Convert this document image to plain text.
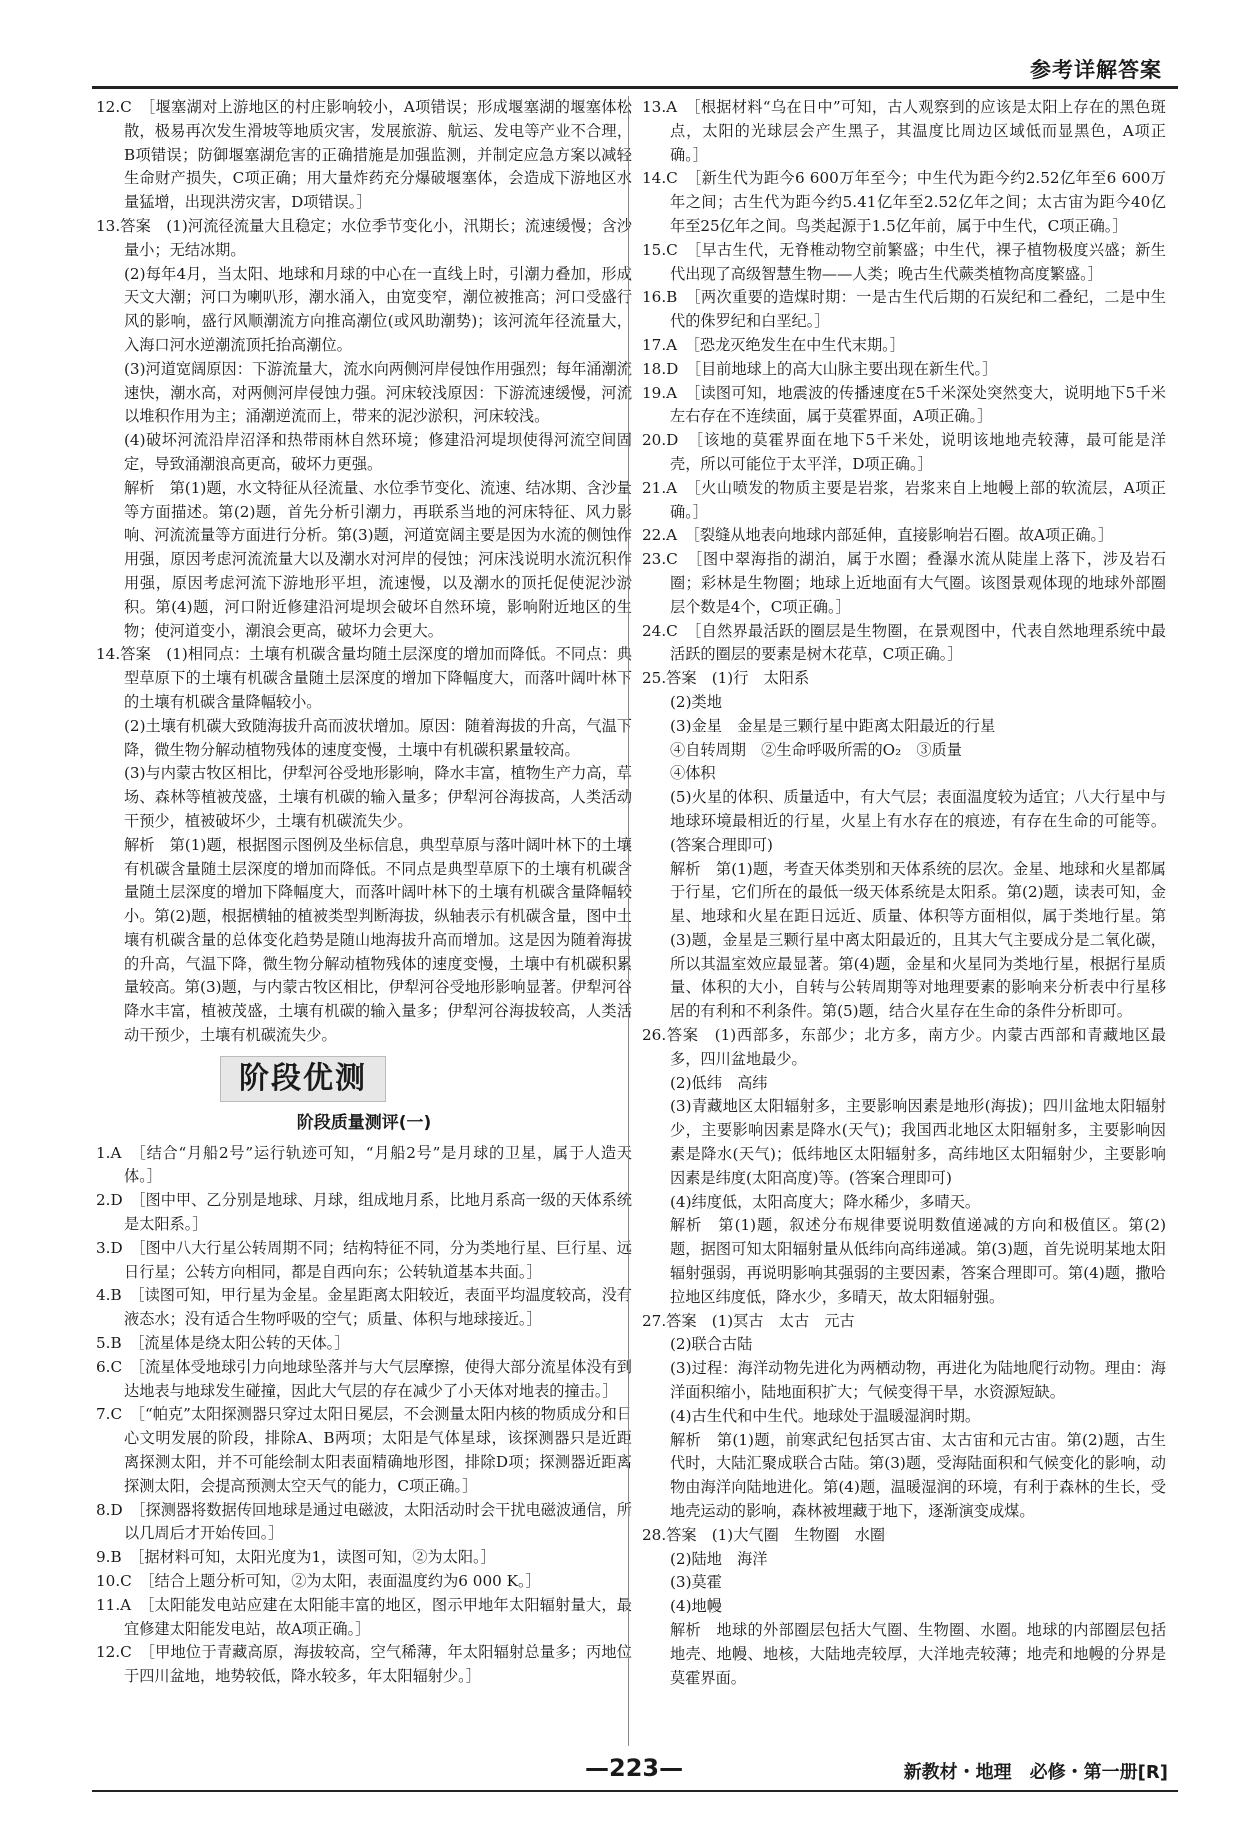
参考详解答案

12.C　［堰塞湖对上游地区的村庄影响较小，A项错误；形成堰塞湖的堰塞体松散，极易再次发生滑坡等地质灾害，发展旅游、航运、发电等产业不合理，B项错误；防御堰塞湖危害的正确措施是加强监测，并制定应急方案以减轻生命财产损失，C项正确；用大量炸药充分爆破堰塞体，会造成下游地区水量猛增，出现洪涝灾害，D项错误。］

13.答案　(1)河流径流量大且稳定；水位季节变化小，汛期长；流速缓慢；含沙量小；无结冰期。

(2)每年4月，当太阳、地球和月球的中心在一直线上时，引潮力叠加，形成天文大潮；河口为喇叭形，潮水涌入，由宽变窄，潮位被推高；河口受盛行风的影响，盛行风顺潮流方向推高潮位(或风助潮势)；该河流年径流量大，入海口河水逆潮流顶托抬高潮位。

(3)河道宽阔原因：下游流量大，流水向两侧河岸侵蚀作用强烈；每年涌潮流速快，潮水高，对两侧河岸侵蚀力强。河床较浅原因：下游流速缓慢，河流以堆积作用为主；涌潮逆流而上，带来的泥沙淤积，河床较浅。

(4)破坏河流沿岸沼泽和热带雨林自然环境；修建沿河堤坝使得河流空间固定，导致涌潮浪高更高，破坏力更强。

解析　第(1)题，水文特征从径流量、水位季节变化、流速、结冰期、含沙量等方面描述。第(2)题，首先分析引潮力，再联系当地的河床特征、风力影响、河流流量等方面进行分析。第(3)题，河道宽阔主要是因为水流的侧蚀作用强，原因考虑河流流量大以及潮水对河岸的侵蚀；河床浅说明水流沉积作用强，原因考虑河流下游地形平坦，流速慢，以及潮水的顶托促使泥沙淤积。第(4)题，河口附近修建沿河堤坝会破坏自然环境，影响附近地区的生物；使河道变小，潮浪会更高，破坏力会更大。

14.答案　(1)相同点：土壤有机碳含量均随土层深度的增加而降低。不同点：典型草原下的土壤有机碳含量随土层深度的增加下降幅度大，而落叶阔叶林下的土壤有机碳含量降幅较小。

(2)土壤有机碳大致随海拔升高而波状增加。原因：随着海拔的升高，气温下降，微生物分解动植物残体的速度变慢，土壤中有机碳积累量较高。

(3)与内蒙古牧区相比，伊犁河谷受地形影响，降水丰富，植物生产力高，草场、森林等植被茂盛，土壤有机碳的输入量多；伊犁河谷海拔高，人类活动干预少，植被破坏少，土壤有机碳流失少。

解析　第(1)题，根据图示图例及坐标信息，典型草原与落叶阔叶林下的土壤有机碳含量随土层深度的增加而降低。不同点是典型草原下的土壤有机碳含量随土层深度的增加下降幅度大，而落叶阔叶林下的土壤有机碳含量降幅较小。第(2)题，根据横轴的植被类型判断海拔，纵轴表示有机碳含量，图中土壤有机碳含量的总体变化趋势是随山地海拔升高而增加。这是因为随着海拔的升高，气温下降，微生物分解动植物残体的速度变慢，土壤中有机碳积累量较高。第(3)题，与内蒙古牧区相比，伊犁河谷受地形影响显著。伊犁河谷降水丰富，植被茂盛，土壤有机碳的输入量多；伊犁河谷海拔较高，人类活动干预少，土壤有机碳流失少。

阶段优测
阶段质量测评(一)

1.A　［结合“月船2号”运行轨迹可知，“月船2号”是月球的卫星，属于人造天体。］

2.D　［图中甲、乙分别是地球、月球，组成地月系，比地月系高一级的天体系统是太阳系。］

3.D　［图中八大行星公转周期不同；结构特征不同，分为类地行星、巨行星、远日行星；公转方向相同，都是自西向东；公转轨道基本共面。］

4.B　［读图可知，甲行星为金星。金星距离太阳较近，表面平均温度较高，没有液态水；没有适合生物呼吸的空气；质量、体积与地球接近。］

5.B　［流星体是绕太阳公转的天体。］

6.C　［流星体受地球引力向地球坠落并与大气层摩擦，使得大部分流星体没有到达地表与地球发生碰撞，因此大气层的存在减少了小天体对地表的撞击。］

7.C　［“帕克”太阳探测器只穿过太阳日冕层，不会测量太阳内核的物质成分和日心文明发展的阶段，排除A、B两项；太阳是气体星球，该探测器只是近距离探测太阳，并不可能绘制太阳表面精确地形图，排除D项；探测器近距离探测太阳，会提高预测太空天气的能力，C项正确。］

8.D　［探测器将数据传回地球是通过电磁波，太阳活动时会干扰电磁波通信，所以几周后才开始传回。］

9.B　［据材料可知，太阳光度为1，读图可知，②为太阳。］

10.C　［结合上题分析可知，②为太阳，表面温度约为6 000 K。］

11.A　［太阳能发电站应建在太阳能丰富的地区，图示甲地年太阳辐射量大，最宜修建太阳能发电站，故A项正确。］

12.C　［甲地位于青藏高原，海拔较高，空气稀薄，年太阳辐射总量多；丙地位于四川盆地，地势较低，降水较多，年太阳辐射少。］

13.A　［根据材料“乌在日中”可知，古人观察到的应该是太阳上存在的黑色斑点，太阳的光球层会产生黑子，其温度比周边区域低而显黑色，A项正确。］

14.C　［新生代为距今6 600万年至今；中生代为距今约2.52亿年至6 600万年之间；古生代为距今约5.41亿年至2.52亿年之间；太古宙为距今40亿年至25亿年之间。鸟类起源于1.5亿年前，属于中生代，C项正确。］

15.C　［早古生代，无脊椎动物空前繁盛；中生代，裸子植物极度兴盛；新生代出现了高级智慧生物——人类；晚古生代蕨类植物高度繁盛。］

16.B　［两次重要的造煤时期：一是古生代后期的石炭纪和二叠纪，二是中生代的侏罗纪和白垩纪。］

17.A　［恐龙灭绝发生在中生代末期。］

18.D　［目前地球上的高大山脉主要出现在新生代。］

19.A　［读图可知，地震波的传播速度在5千米深处突然变大，说明地下5千米左右存在不连续面，属于莫霍界面，A项正确。］

20.D　［该地的莫霍界面在地下5千米处，说明该地地壳较薄，最可能是洋壳，所以可能位于太平洋，D项正确。］

21.A　［火山喷发的物质主要是岩浆，岩浆来自上地幔上部的软流层，A项正确。］

22.A　［裂缝从地表向地球内部延伸，直接影响岩石圈。故A项正确。］

23.C　［图中翠海指的湖泊，属于水圈；叠瀑水流从陡崖上落下，涉及岩石圈；彩林是生物圈；地球上近地面有大气圈。该图景观体现的地球外部圈层个数是4个，C项正确。］

24.C　［自然界最活跃的圈层是生物圈，在景观图中，代表自然地理系统中最活跃的圈层的要素是树木花草，C项正确。］

25.答案　(1)行　太阳系

(2)类地

(3)金星　金星是三颗行星中距离太阳最近的行星

④自转周期　②生命呼吸所需的O₂　③质量

④体积

(5)火星的体积、质量适中，有大气层；表面温度较为适宜；八大行星中与地球环境最相近的行星，火星上有水存在的痕迹，有存在生命的可能等。(答案合理即可)

解析　第(1)题，考查天体类别和天体系统的层次。金星、地球和火星都属于行星，它们所在的最低一级天体系统是太阳系。第(2)题，读表可知，金星、地球和火星在距日远近、质量、体积等方面相似，属于类地行星。第(3)题，金星是三颗行星中离太阳最近的，且其大气主要成分是二氧化碳，所以其温室效应最显著。第(4)题，金星和火星同为类地行星，根据行星质量、体积的大小，自转与公转周期等对地理要素的影响来分析表中行星移居的有利和不利条件。第(5)题，结合火星存在生命的条件分析即可。

26.答案　(1)西部多，东部少；北方多，南方少。内蒙古西部和青藏地区最多，四川盆地最少。

(2)低纬　高纬

(3)青藏地区太阳辐射多，主要影响因素是地形(海拔)；四川盆地太阳辐射少，主要影响因素是降水(天气)；我国西北地区太阳辐射多，主要影响因素是降水(天气)；低纬地区太阳辐射多，高纬地区太阳辐射少，主要影响因素是纬度(太阳高度)等。(答案合理即可)

(4)纬度低，太阳高度大；降水稀少，多晴天。

解析　第(1)题，叙述分布规律要说明数值递减的方向和极值区。第(2)题，据图可知太阳辐射量从低纬向高纬递减。第(3)题，首先说明某地太阳辐射强弱，再说明影响其强弱的主要因素，答案合理即可。第(4)题，撒哈拉地区纬度低，降水少，多晴天，故太阳辐射强。

27.答案　(1)冥古　太古　元古

(2)联合古陆

(3)过程：海洋动物先进化为两栖动物，再进化为陆地爬行动物。理由：海洋面积缩小，陆地面积扩大；气候变得干旱，水资源短缺。

(4)古生代和中生代。地球处于温暖湿润时期。

解析　第(1)题，前寒武纪包括冥古宙、太古宙和元古宙。第(2)题，古生代时，大陆汇聚成联合古陆。第(3)题，受海陆面积和气候变化的影响，动物由海洋向陆地进化。第(4)题，温暖湿润的环境，有利于森林的生长，受地壳运动的影响，森林被埋藏于地下，逐渐演变成煤。

28.答案　(1)大气圈　生物圈　水圈

(2)陆地　海洋

(3)莫霍

(4)地幔

解析　地球的外部圈层包括大气圈、生物圈、水圈。地球的内部圈层包括地壳、地幔、地核，大陆地壳较厚，大洋地壳较薄；地壳和地幔的分界是莫霍界面。

—223—	新教材・地理　必修・第一册[R]
